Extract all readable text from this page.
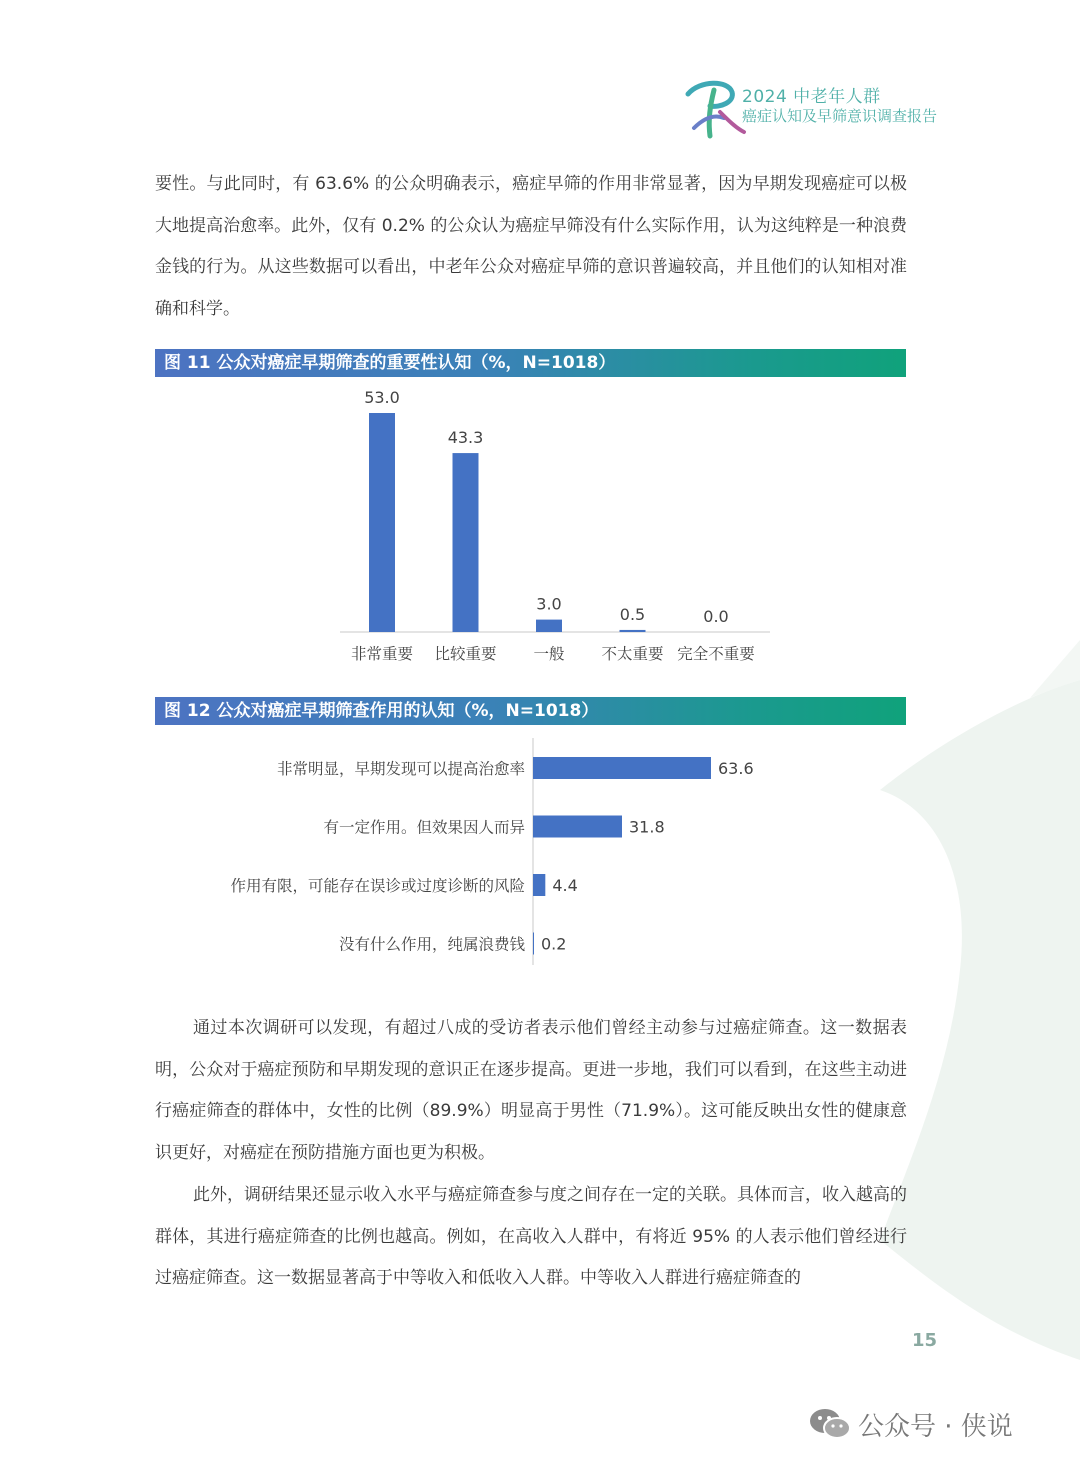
2024 中老年人群
癌症认知及早筛意识调查报告

要性。与此同时，有 63.6% 的公众明确表示，癌症早筛的作用非常显著，因为早期发现癌症可以极大地提高治愈率。此外，仅有 0.2% 的公众认为癌症早筛没有什么实际作用，认为这纯粹是一种浪费金钱的行为。从这些数据可以看出，中老年公众对癌症早筛的意识普遍较高，并且他们的认知相对准确和科学。

图 11 公众对癌症早期筛查的重要性认知（%，N=1018）
53.0
非常重要
43.3
比较重要
3.0
一般
0.5
不太重要
0.0
完全不重要
图 12 公众对癌症早期筛查作用的认知（%，N=1018）
非常明显，早期发现可以提高治愈率	63.6
有一定作用。但效果因人而异	31.8
作用有限，可能存在误诊或过度诊断的风险 4.4
没有什么作用，纯属浪费钱 0.2

通过本次调研可以发现，有超过八成的受访者表示他们曾经主动参与过癌症筛查。这一数据表明，公众对于癌症预防和早期发现的意识正在逐步提高。更进一步地，我们可以看到，在这些主动进行癌症筛查的群体中，女性的比例（89.9%）明显高于男性（71.9%）。这可能反映出女性的健康意识更好，对癌症在预防措施方面也更为积极。

此外，调研结果还显示收入水平与癌症筛查参与度之间存在一定的关联。具体而言，收入越高的群体，其进行癌症筛查的比例也越高。例如，在高收入人群中，有将近 95% 的人表示他们曾经进行过癌症筛查。这一数据显著高于中等收入和低收入人群。中等收入人群进行癌症筛查的

15
公众号 · 侠说
